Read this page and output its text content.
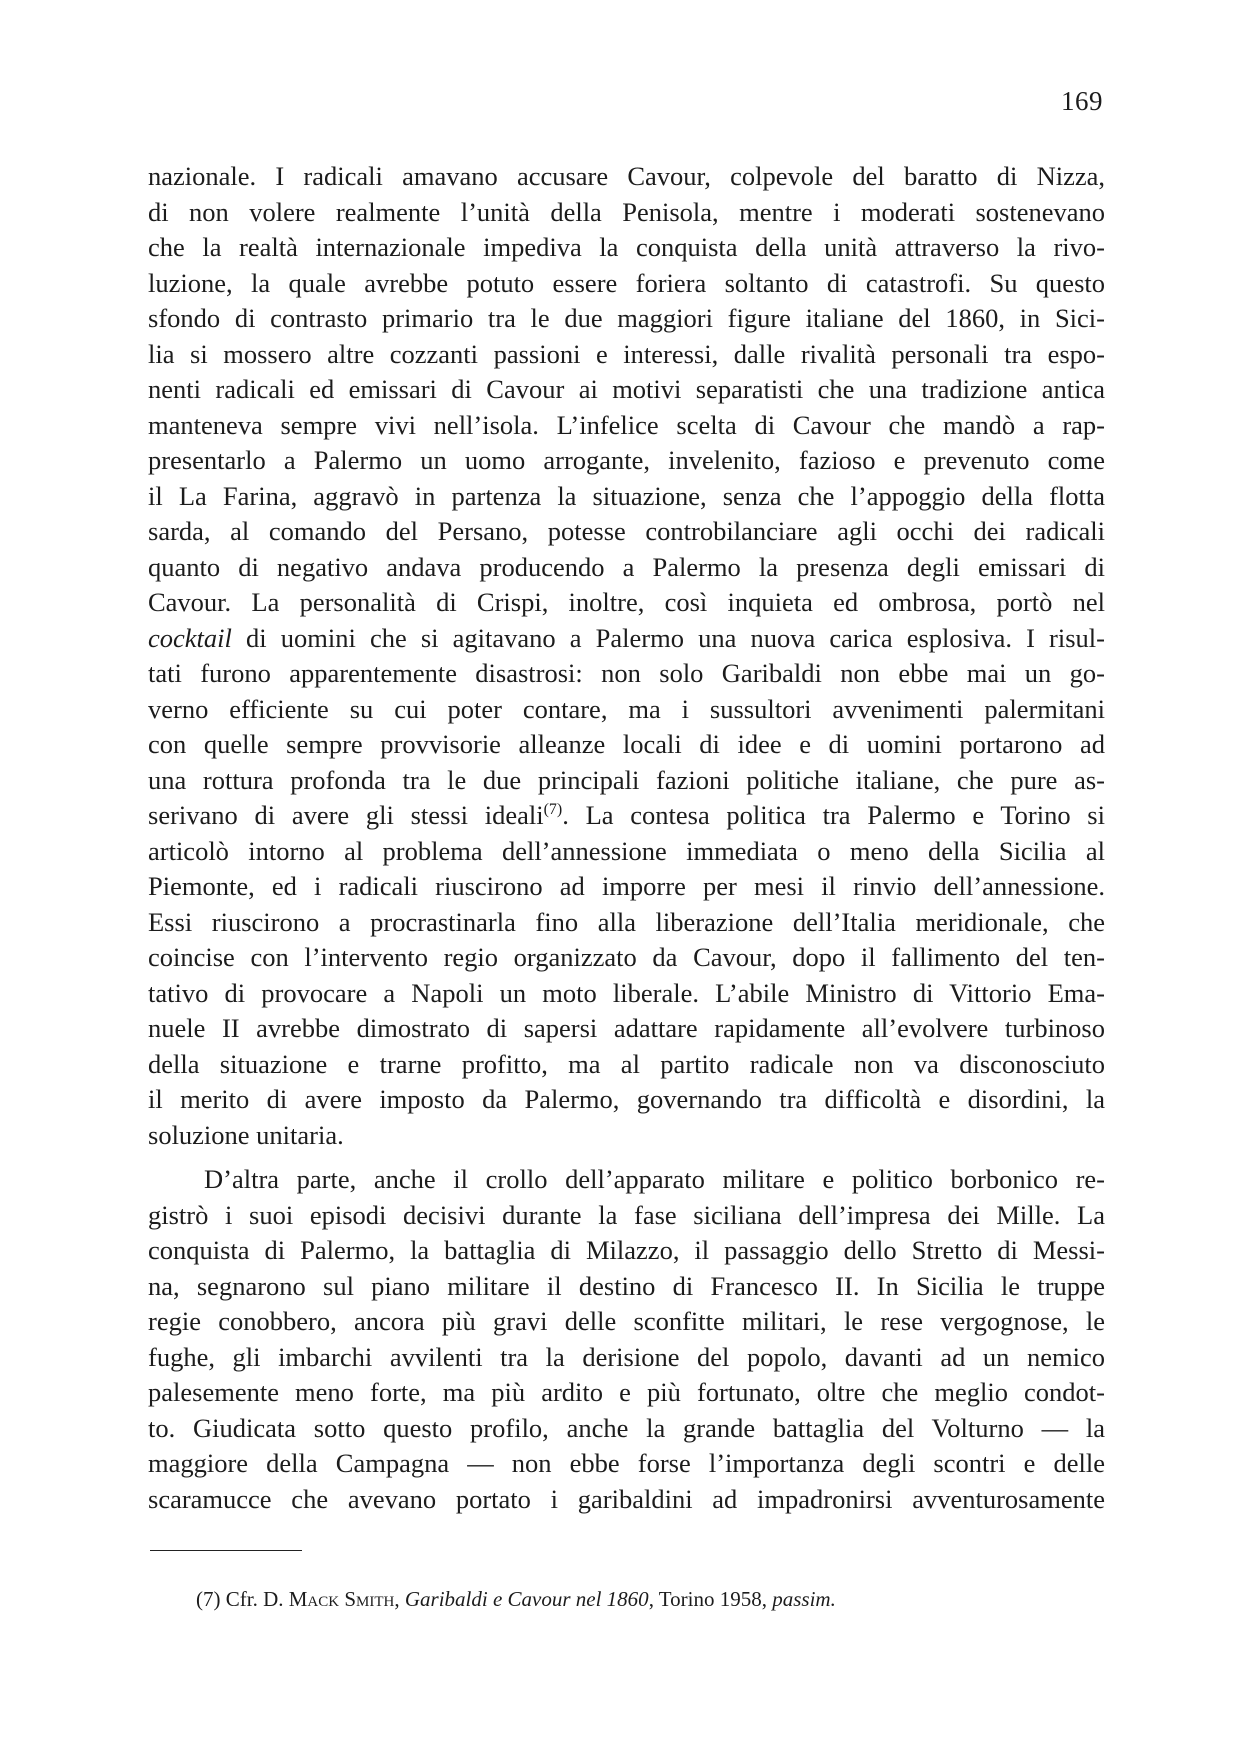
169
nazionale. I radicali amavano accusare Cavour, colpevole del baratto di Nizza,
di non volere realmente l’unità della Penisola, mentre i moderati sostenevano
che la realtà internazionale impediva la conquista della unità attraverso la rivo-
luzione, la quale avrebbe potuto essere foriera soltanto di catastrofi. Su questo
sfondo di contrasto primario tra le due maggiori figure italiane del 1860, in Sici-
lia si mossero altre cozzanti passioni e interessi, dalle rivalità personali tra espo-
nenti radicali ed emissari di Cavour ai motivi separatisti che una tradizione antica
manteneva sempre vivi nell’isola. L’infelice scelta di Cavour che mandò a rap-
presentarlo a Palermo un uomo arrogante, invelenito, fazioso e prevenuto come
il La Farina, aggravò in partenza la situazione, senza che l’appoggio della flotta
sarda, al comando del Persano, potesse controbilanciare agli occhi dei radicali
quanto di negativo andava producendo a Palermo la presenza degli emissari di
Cavour. La personalità di Crispi, inoltre, così inquieta ed ombrosa, portò nel
cocktail di uomini che si agitavano a Palermo una nuova carica esplosiva. I risul-
tati furono apparentemente disastrosi: non solo Garibaldi non ebbe mai un go-
verno efficiente su cui poter contare, ma i sussultori avvenimenti palermitani
con quelle sempre provvisorie alleanze locali di idee e di uomini portarono ad
una rottura profonda tra le due principali fazioni politiche italiane, che pure as-
serivano di avere gli stessi ideali$^{(7)}$. La contesa politica tra Palermo e Torino si
articolò intorno al problema dell’annessione immediata o meno della Sicilia al
Piemonte, ed i radicali riuscirono ad imporre per mesi il rinvio dell’annessione.
Essi riuscirono a procrastinarla fino alla liberazione dell’Italia meridionale, che
coincise con l’intervento regio organizzato da Cavour, dopo il fallimento del ten-
tativo di provocare a Napoli un moto liberale. L’abile Ministro di Vittorio Ema-
nuele II avrebbe dimostrato di sapersi adattare rapidamente all’evolvere turbinoso
della situazione e trarne profitto, ma al partito radicale non va disconosciuto
il merito di avere imposto da Palermo, governando tra difficoltà e disordini, la
soluzione unitaria.
D’altra parte, anche il crollo dell’apparato militare e politico borbonico re-
gistrò i suoi episodi decisivi durante la fase siciliana dell’impresa dei Mille. La
conquista di Palermo, la battaglia di Milazzo, il passaggio dello Stretto di Messi-
na, segnarono sul piano militare il destino di Francesco II. In Sicilia le truppe
regie conobbero, ancora più gravi delle sconfitte militari, le rese vergognose, le
fughe, gli imbarchi avvilenti tra la derisione del popolo, davanti ad un nemico
palesemente meno forte, ma più ardito e più fortunato, oltre che meglio condot-
to. Giudicata sotto questo profilo, anche la grande battaglia del Volturno — la
maggiore della Campagna — non ebbe forse l’importanza degli scontri e delle
scaramucce che avevano portato i garibaldini ad impadronirsi avventurosamente
(7) Cfr. D. Mack Smith, Garibaldi e Cavour nel 1860, Torino 1958, passim.
